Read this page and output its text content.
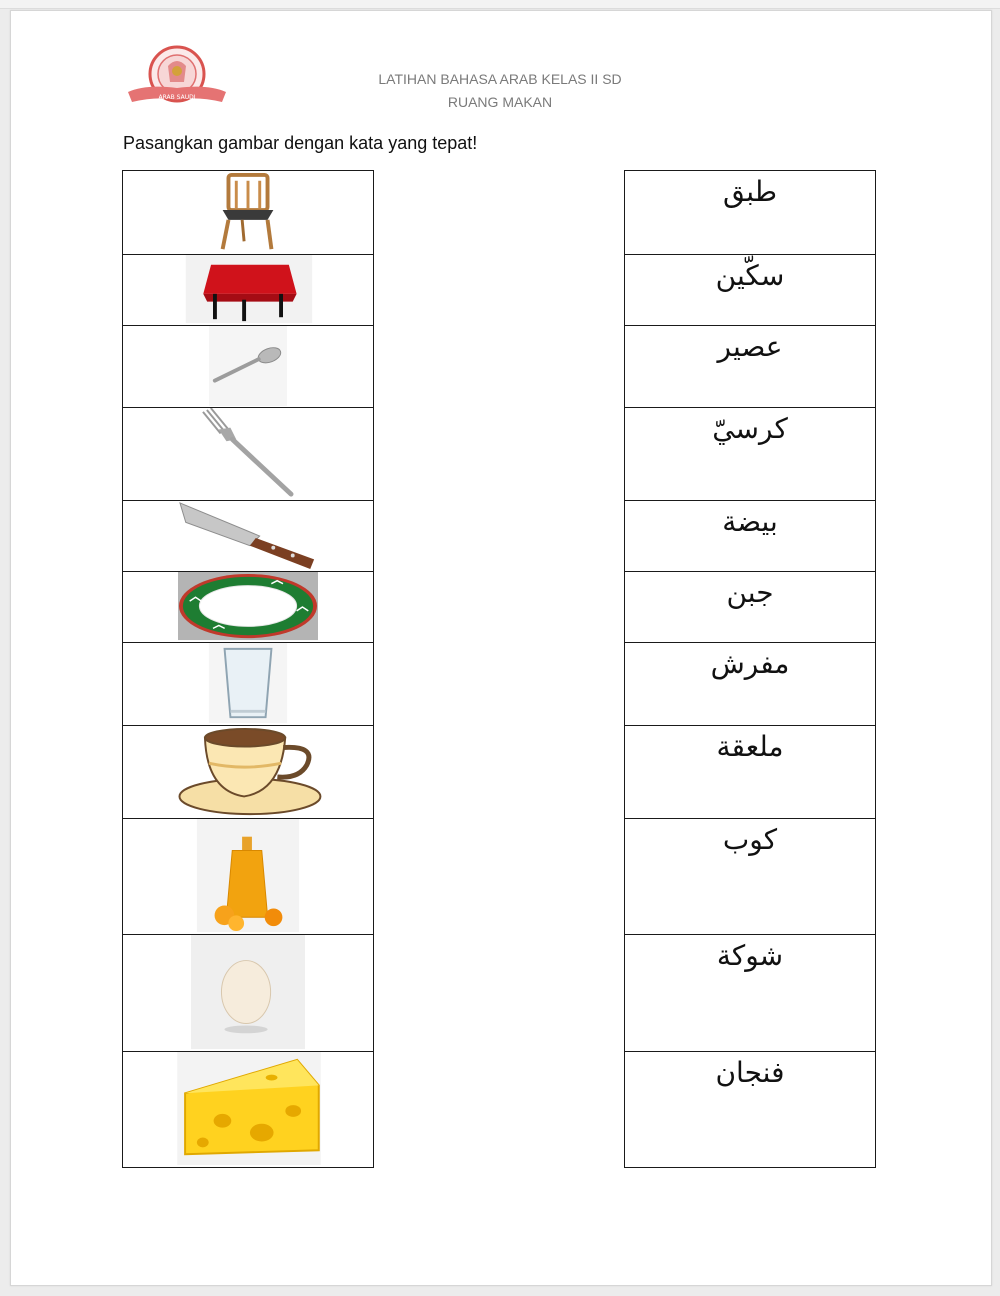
ARAB SAUDI
LATIHAN BAHASA ARAB KELAS II SD
RUANG MAKAN
Pasangkan gambar dengan kata yang tepat!
طبق
سكّين
عصير
كرسيّ
بيضة
جبن
مفرش
ملعقة
كوب
شوكة
فنجان
